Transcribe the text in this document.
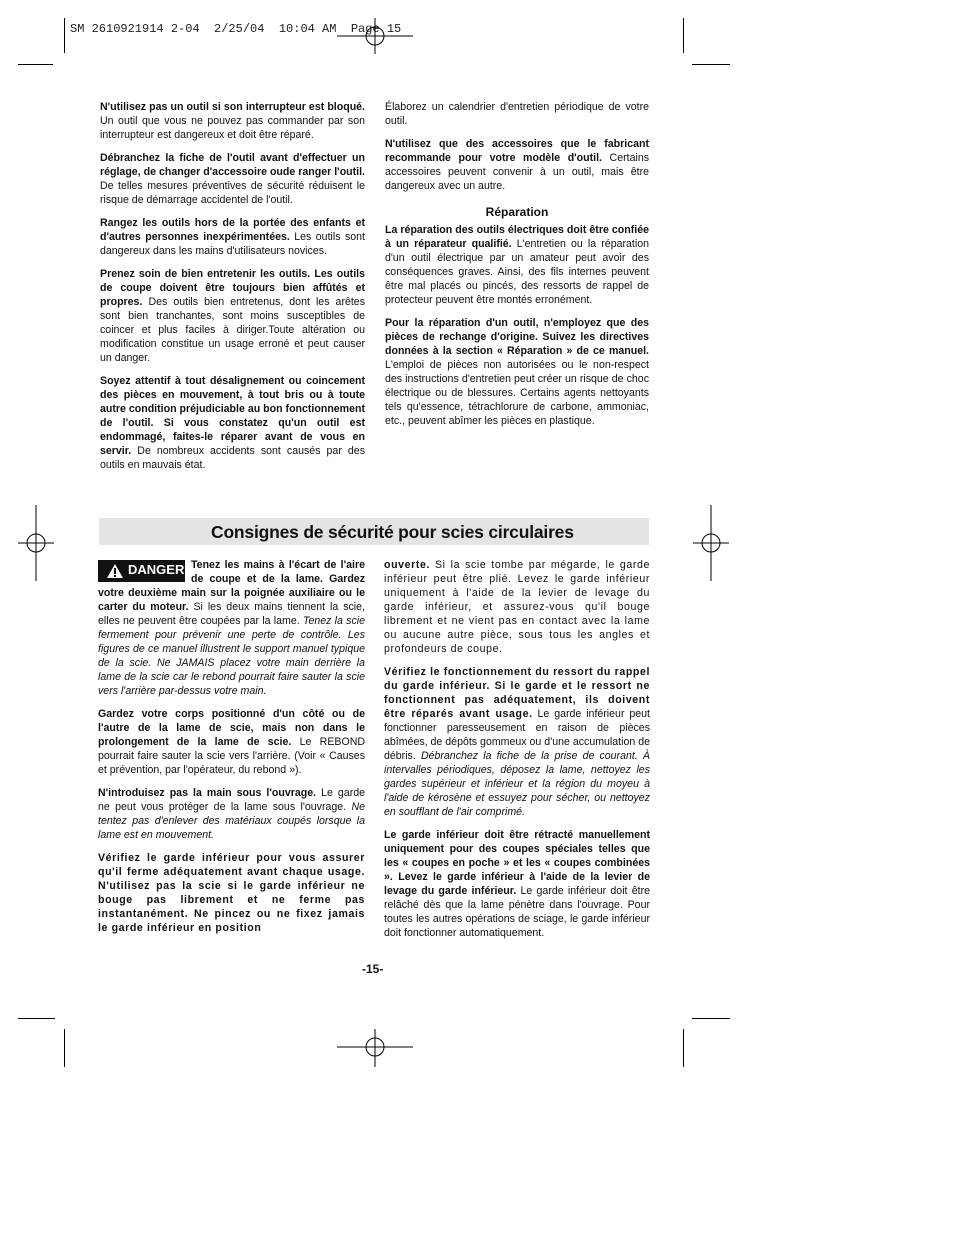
SM 2610921914 2-04  2/25/04  10:04 AM  Page 15

N'utilisez pas un outil si son interrupteur est bloqué. Un outil que vous ne pouvez pas commander par son interrupteur est dangereux et doit être réparé.

Débranchez la fiche de l'outil avant d'effectuer un réglage, de changer d'accessoire oude ranger l'outil. De telles mesures préventives de sécurité réduisent le risque de démarrage accidentel de l'outil.

Rangez les outils hors de la portée des enfants et d'autres personnes inexpérimentées. Les outils sont dangereux dans les mains d'utilisateurs novices.

Prenez soin de bien entretenir les outils. Les outils de coupe doivent être toujours bien affûtés et propres. Des outils bien entretenus, dont les arêtes sont bien tranchantes, sont moins susceptibles de coincer et plus faciles à diriger.Toute altération ou modification constitue un usage erroné et peut causer un danger.

Soyez attentif à tout désalignement ou coincement des pièces en mouvement, à tout bris ou à toute autre condition préjudiciable au bon fonctionnement de l'outil. Si vous constatez qu'un outil est endommagé, faites-le réparer avant de vous en servir. De nombreux accidents sont causés par des outils en mauvais état.

Élaborez un calendrier d'entretien périodique de votre outil.

N'utilisez que des accessoires que le fabricant recommande pour votre modèle d'outil. Certains accessoires peuvent convenir à un outil, mais être dangereux avec un autre.

Réparation

La réparation des outils électriques doit être confiée à un réparateur qualifié. L'entretien ou la réparation d'un outil électrique par un amateur peut avoir des conséquences graves. Ainsi, des fils internes peuvent être mal placés ou pincés, des ressorts de rappel de protecteur peuvent être montés erronément.

Pour la réparation d'un outil, n'employez que des pièces de rechange d'origine. Suivez les directives données à la section « Réparation » de ce manuel. L'emploi de pièces non autorisées ou le non-respect des instructions d'entretien peut créer un risque de choc électrique ou de blessures. Certains agents nettoyants tels qu'essence, tétrachlorure de carbone, ammoniac, etc., peuvent abîmer les pièces en plastique.

Consignes de sécurité pour scies circulaires

DANGER Tenez les mains à l'écart de l'aire de coupe et de la lame. Gardez votre deuxième main sur la poignée auxiliaire ou le carter du moteur. Si les deux mains tiennent la scie, elles ne peuvent être coupées par la lame. Tenez la scie fermement pour prévenir une perte de contrôle. Les figures de ce manuel illustrent le support manuel typique de la scie. Ne JAMAIS placez votre main derrière la lame de la scie car le rebond pourrait faire sauter la scie vers l'arrière par-dessus votre main.

Gardez votre corps positionné d'un côté ou de l'autre de la lame de scie, mais non dans le prolongement de la lame de scie. Le REBOND pourrait faire sauter la scie vers l'arrière. (Voir « Causes et prévention, par l'opérateur, du rebond »).

N'introduisez pas la main sous l'ouvrage. Le garde ne peut vous protéger de la lame sous l'ouvrage. Ne tentez pas d'enlever des matériaux coupés lorsque la lame est en mouvement.

Vérifiez le garde inférieur pour vous assurer qu'il ferme adéquatement avant chaque usage. N'utilisez pas la scie si le garde inférieur ne bouge pas librement et ne ferme pas instantanément. Ne pincez ou ne fixez jamais le garde inférieur en position

ouverte. Si la scie tombe par mégarde, le garde inférieur peut être plié. Levez le garde inférieur uniquement à l'aide de la levier de levage du garde inférieur, et assurez-vous qu'il bouge librement et ne vient pas en contact avec la lame ou aucune autre pièce, sous tous les angles et profondeurs de coupe.

Vérifiez le fonctionnement du ressort du rappel du garde inférieur. Si le garde et le ressort ne fonctionnent pas adéquatement, ils doivent être réparés avant usage. Le garde inférieur peut fonctionner paresseusement en raison de pièces abîmées, de dépôts gommeux ou d'une accumulation de débris. Débranchez la fiche de la prise de courant. À intervalles périodiques, déposez la lame, nettoyez les gardes supérieur et inférieur et la région du moyeu à l'aide de kérosène et essuyez pour sécher, ou nettoyez en soufflant de l'air comprimé.

Le garde inférieur doit être rétracté manuellement uniquement pour des coupes spéciales telles que les « coupes en poche » et les « coupes combinées ». Levez le garde inférieur à l'aide de la levier de levage du garde inférieur. Le garde inférieur doit être relâché dès que la lame pénètre dans l'ouvrage. Pour toutes les autres opérations de sciage, le garde inférieur doit fonctionner automatiquement.

-15-
